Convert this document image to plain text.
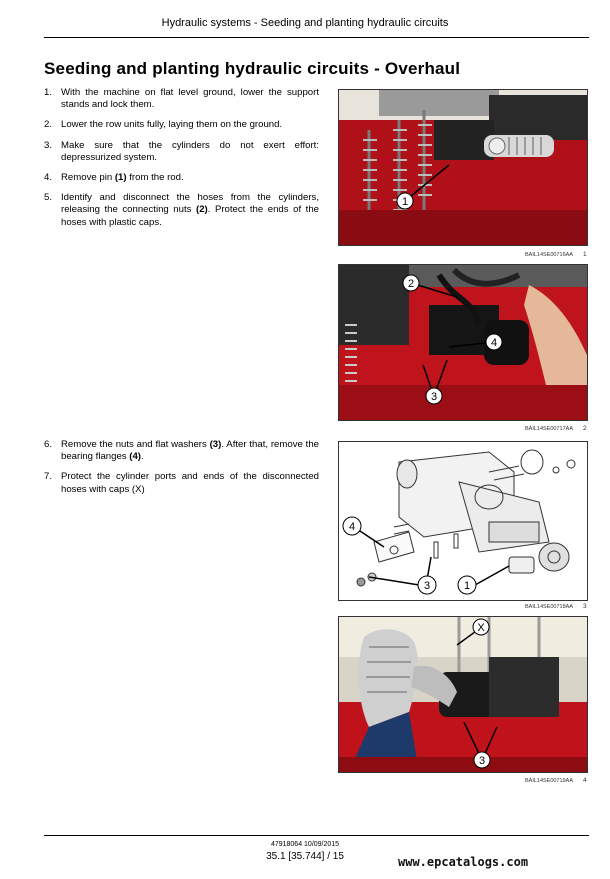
Hydraulic systems - Seeding and planting hydraulic circuits
Seeding and planting hydraulic circuits - Overhaul
1. With the machine on flat level ground, lower the support stands and lock them.
2. Lower the row units fully, laying them on the ground.
3. Make sure that the cylinders do not exert effort: depressurized system.
4. Remove pin (1) from the rod.
5. Identify and disconnect the hoses from the cylinders, releasing the connecting nuts (2). Protect the ends of the hoses with plastic caps.
6. Remove the nuts and flat washers (3). After that, remove the bearing flanges (4).
7. Protect the cylinder ports and ends of the disconnected hoses with caps (X)
1
BAIL14SE00716AA 1
2
4
3
BAIL14SE00717AA 2
4
3	1
BAIL14SE00718AA 3
X
3
BAIL14SE00719AA 4
47918064 10/09/2015
35.1 [35.744] / 15	www.epcatalogs.com
